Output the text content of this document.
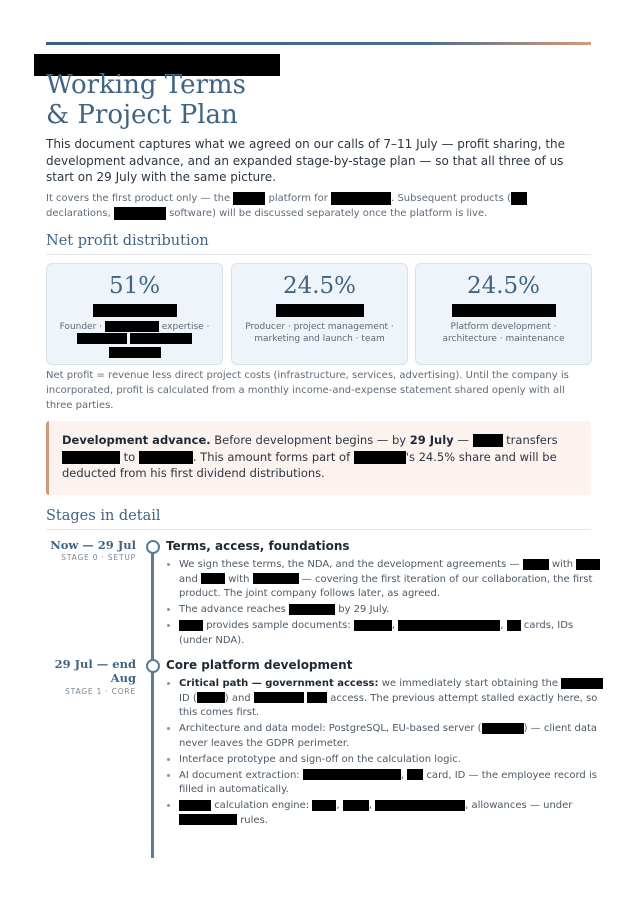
Working Terms
& Project Plan

This document captures what we agreed on our calls of 7–11 July — profit sharing, the development advance, and an expanded stage-by-stage plan — so that all three of us start on 29 July with the same picture.

It covers the first product only — the	platform for	. Subsequent products ( declarations,	software) will be discussed separately once the platform is live.

Net profit distribution
51%
Founder ·	expertise ·

24.5%
Producer · project management ·
marketing and launch · team
24.5%
Platform development ·
architecture · maintenance

Net profit = revenue less direct project costs (infrastructure, services, advertising). Until the company is incorporated, profit is calculated from a monthly income-and-expense statement shared openly with all three parties.

Development advance. Before development begins — by 29 July —	transfers  to	. This amount forms part of	's 24.5% share and will be deducted from his first dividend distributions.
Stages in detail
Now — 29 Jul
STAGE 0 · SETUP
Terms, access, foundations
• We sign these terms, the NDA, and the development agreements —	with  and	with	— covering the first iteration of our collaboration, the first product. The joint company follows later, as agreed.
• The advance reaches	by 29 July.
• provides sample documents:	,	, cards, IDs (under NDA).
29 Jul — end
Aug
STAGE 1 · CORE
Core platform development
• Critical path — government access: we immediately start obtaining the  ID (	) and	access. The previous attempt stalled exactly here, so this comes first.
• Architecture and data model: PostgreSQL, EU-based server (	) — client data never leaves the GDPR perimeter.
• Interface prototype and sign-off on the calculation logic.
• AI document extraction:	, card, ID — the employee record is filled in automatically.
• calculation engine:	,	,	, allowances — under  rules.
